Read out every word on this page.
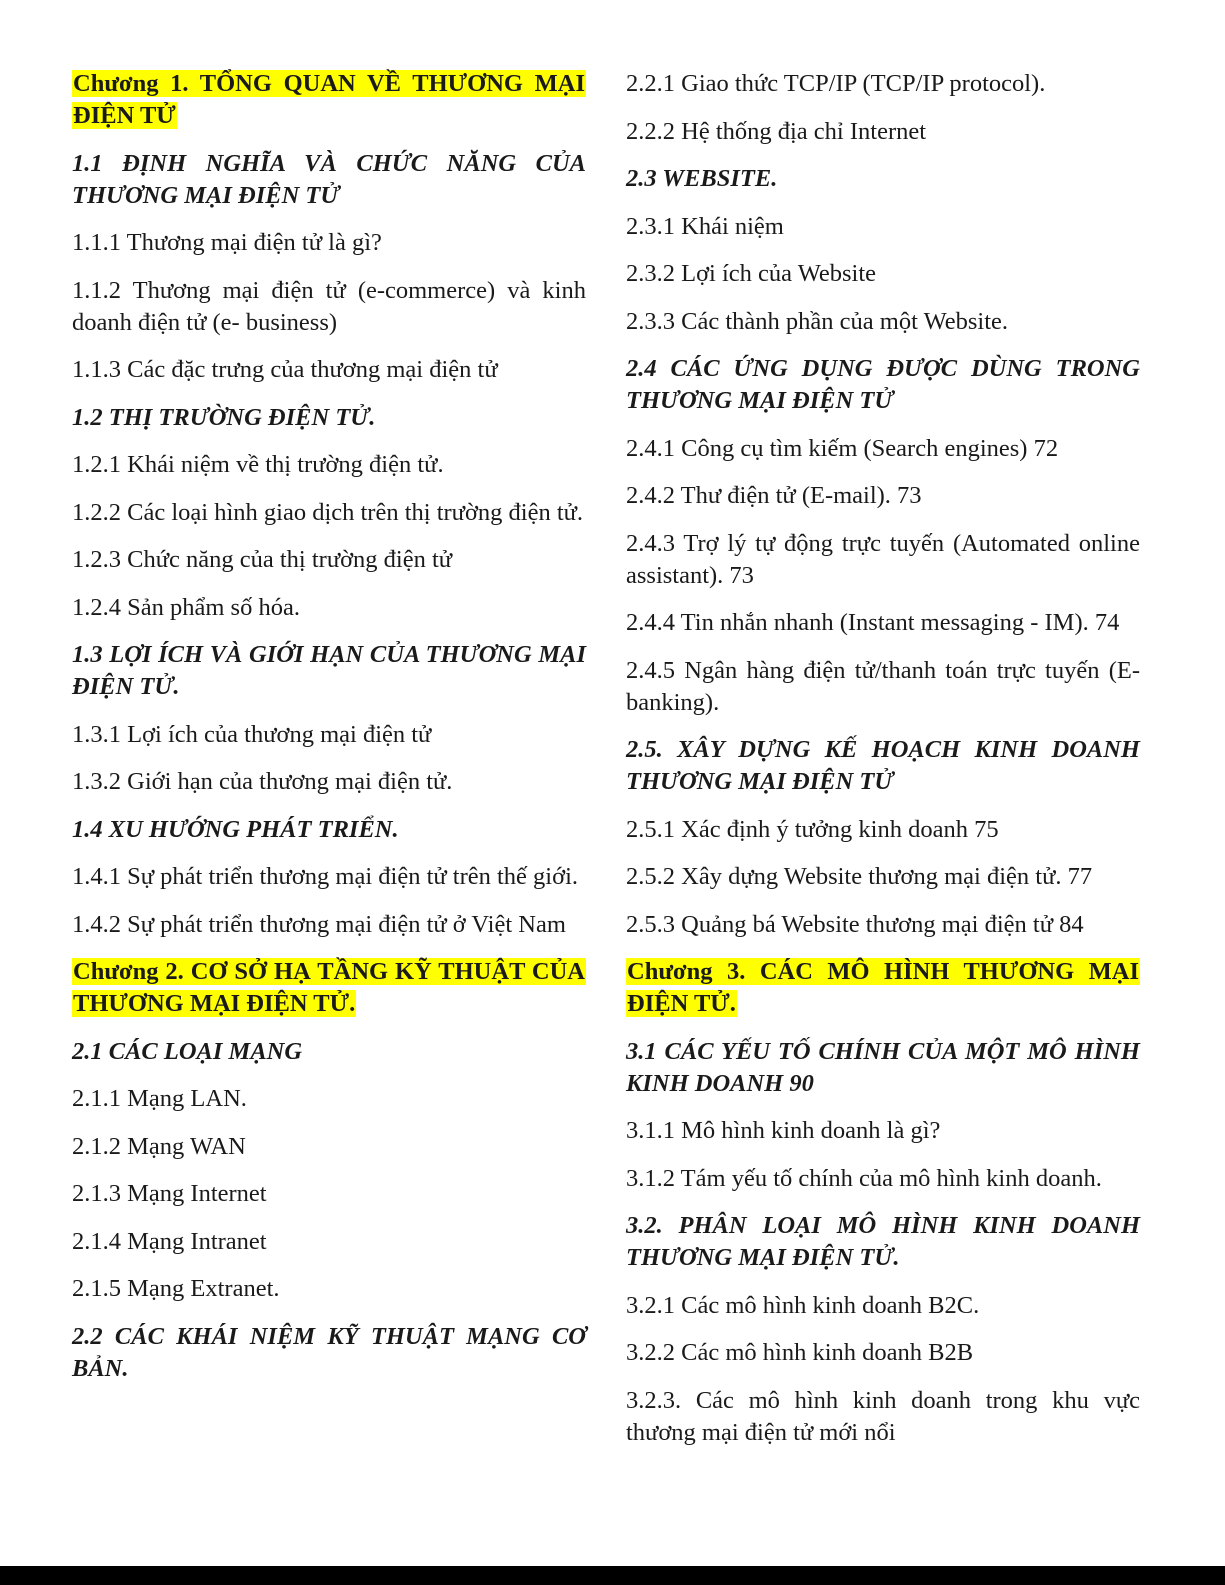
Chương 1. TỔNG QUAN VỀ THƯƠNG MẠI ĐIỆN TỬ

1.1 ĐỊNH NGHĨA VÀ CHỨC NĂNG CỦA THƯƠNG MẠI ĐIỆN TỬ

1.1.1 Thương mại điện tử là gì?

1.1.2 Thương mại điện tử (e-commerce) và kinh doanh điện tử (e- business)

1.1.3 Các đặc trưng của thương mại điện tử

1.2 THỊ TRƯỜNG ĐIỆN TỬ.

1.2.1 Khái niệm về thị trường điện tử.

1.2.2 Các loại hình giao dịch trên thị trường điện tử.

1.2.3 Chức năng của thị trường điện tử

1.2.4 Sản phẩm số hóa.

1.3 LỢI ÍCH VÀ GIỚI HẠN CỦA THƯƠNG MẠI ĐIỆN TỬ.

1.3.1 Lợi ích của thương mại điện tử

1.3.2 Giới hạn của thương mại điện tử.

1.4 XU HƯỚNG PHÁT TRIỂN.

1.4.1 Sự phát triển thương mại điện tử trên thế giới.

1.4.2 Sự phát triển thương mại điện tử ở Việt Nam

Chương 2. CƠ SỞ HẠ TẦNG KỸ THUẬT CỦA THƯƠNG MẠI ĐIỆN TỬ.

2.1 CÁC LOẠI MẠNG

2.1.1 Mạng LAN.

2.1.2 Mạng WAN

2.1.3 Mạng Internet

2.1.4 Mạng Intranet

2.1.5 Mạng Extranet.

2.2 CÁC KHÁI NIỆM KỸ THUẬT MẠNG CƠ BẢN.

2.2.1 Giao thức TCP/IP (TCP/IP protocol).

2.2.2 Hệ thống địa chỉ Internet

2.3 WEBSITE.

2.3.1 Khái niệm

2.3.2 Lợi ích của Website

2.3.3 Các thành phần của một Website.

2.4 CÁC ỨNG DỤNG ĐƯỢC DÙNG TRONG THƯƠNG MẠI ĐIỆN TỬ

2.4.1 Công cụ tìm kiếm (Search engines) 72

2.4.2 Thư điện tử (E-mail). 73

2.4.3 Trợ lý tự động trực tuyến (Automated online assistant). 73

2.4.4 Tin nhắn nhanh (Instant messaging - IM). 74

2.4.5 Ngân hàng điện tử/thanh toán trực tuyến (E-banking).

2.5. XÂY DỰNG KẾ HOẠCH KINH DOANH THƯƠNG MẠI ĐIỆN TỬ

2.5.1 Xác định ý tưởng kinh doanh 75

2.5.2 Xây dựng Website thương mại điện tử. 77

2.5.3 Quảng bá Website thương mại điện tử 84

Chương 3. CÁC MÔ HÌNH THƯƠNG MẠI ĐIỆN TỬ.

3.1 CÁC YẾU TỐ CHÍNH CỦA MỘT MÔ HÌNH KINH DOANH 90

3.1.1 Mô hình kinh doanh là gì?

3.1.2 Tám yếu tố chính của mô hình kinh doanh.

3.2. PHÂN LOẠI MÔ HÌNH KINH DOANH THƯƠNG MẠI ĐIỆN TỬ.

3.2.1 Các mô hình kinh doanh B2C.

3.2.2 Các mô hình kinh doanh B2B

3.2.3. Các mô hình kinh doanh trong khu vực thương mại điện tử mới nổi
